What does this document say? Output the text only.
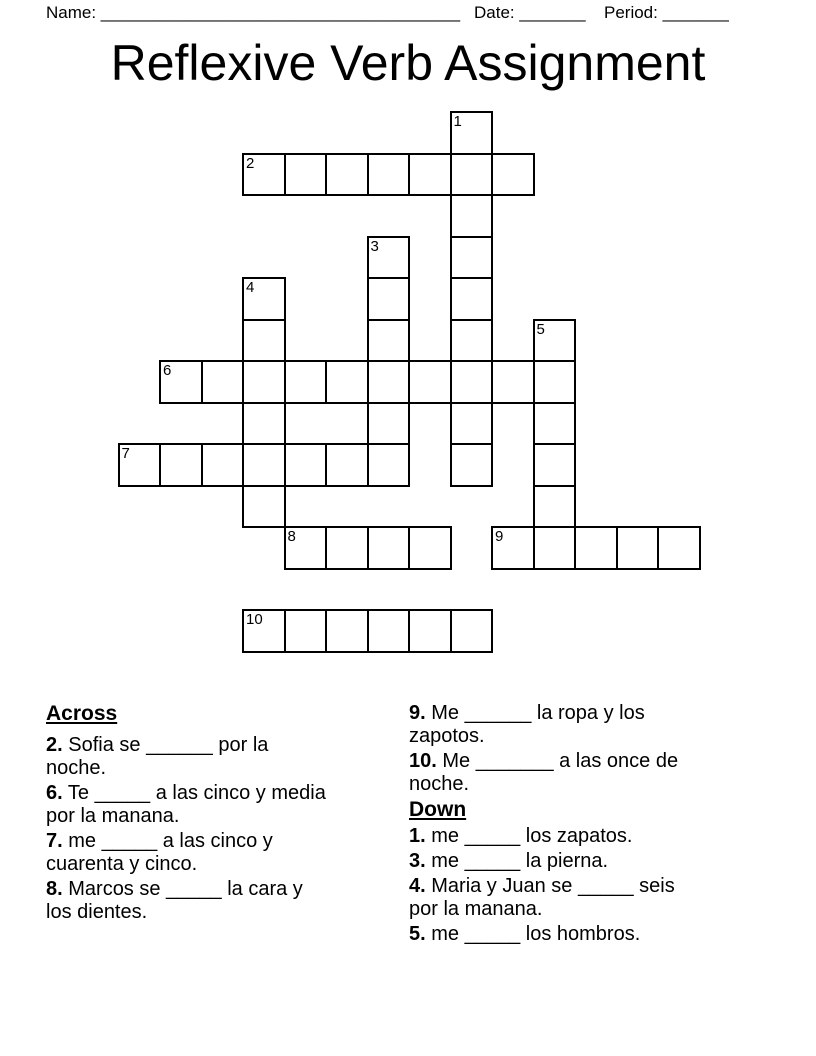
Name: ______________________________________ Date: _______ Period: _______
Reflexive Verb Assignment
1
2
3
4
5
6
7
8	9
10
Across

2. Sofia se ______ por la
noche.

6. Te _____ a las cinco y media
por la manana.

7. me _____ a las cinco y
cuarenta y cinco.

8. Marcos se _____ la cara y
los dientes.

9. Me ______ la ropa y los
zapotos.

10. Me _______ a las once de
noche.

Down

1. me _____ los zapatos.

3. me _____ la pierna.

4. Maria y Juan se _____ seis
por la manana.

5. me _____ los hombros.
